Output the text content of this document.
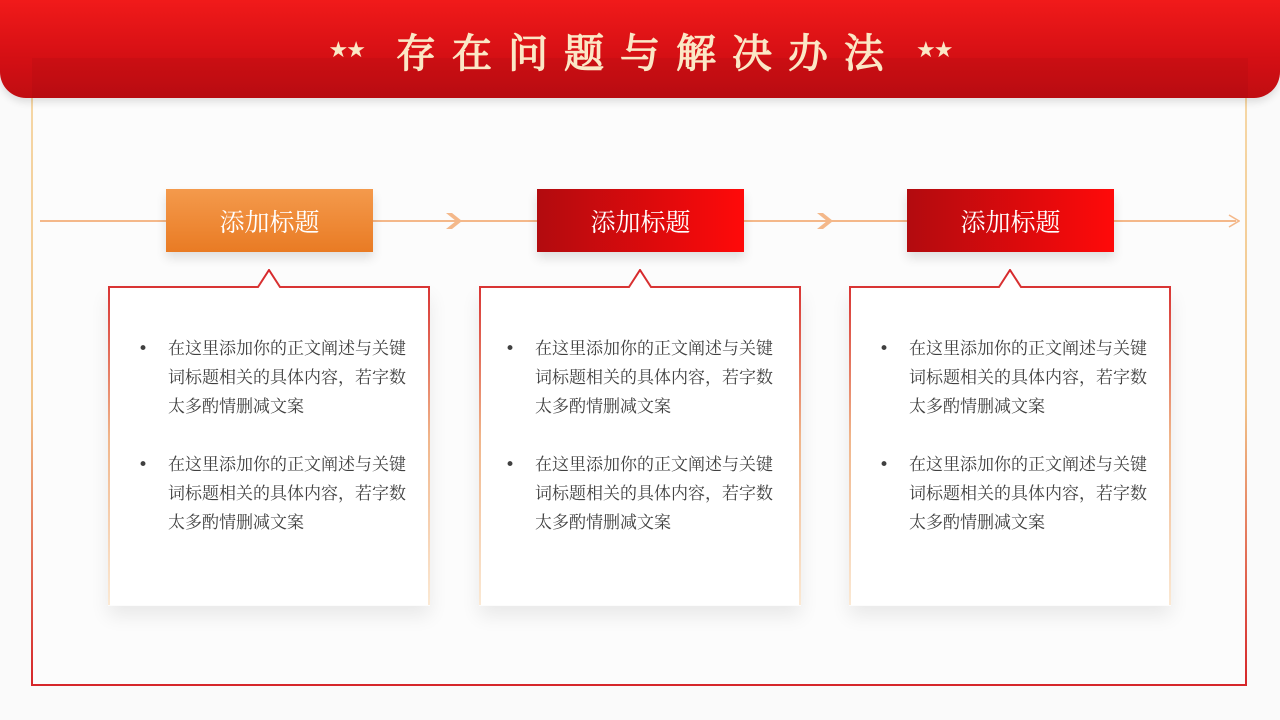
★★ 存在问题与解决办法 ★★
添加标题	添加标题	添加标题
• 在这里添加你的正文阐述与关键词标题相关的具体内容，若字数太多酌情删减文案
• 在这里添加你的正文阐述与关键词标题相关的具体内容，若字数太多酌情删减文案
• 在这里添加你的正文阐述与关键词标题相关的具体内容，若字数太多酌情删减文案
• 在这里添加你的正文阐述与关键词标题相关的具体内容，若字数太多酌情删减文案
• 在这里添加你的正文阐述与关键词标题相关的具体内容，若字数太多酌情删减文案
• 在这里添加你的正文阐述与关键词标题相关的具体内容，若字数太多酌情删减文案
